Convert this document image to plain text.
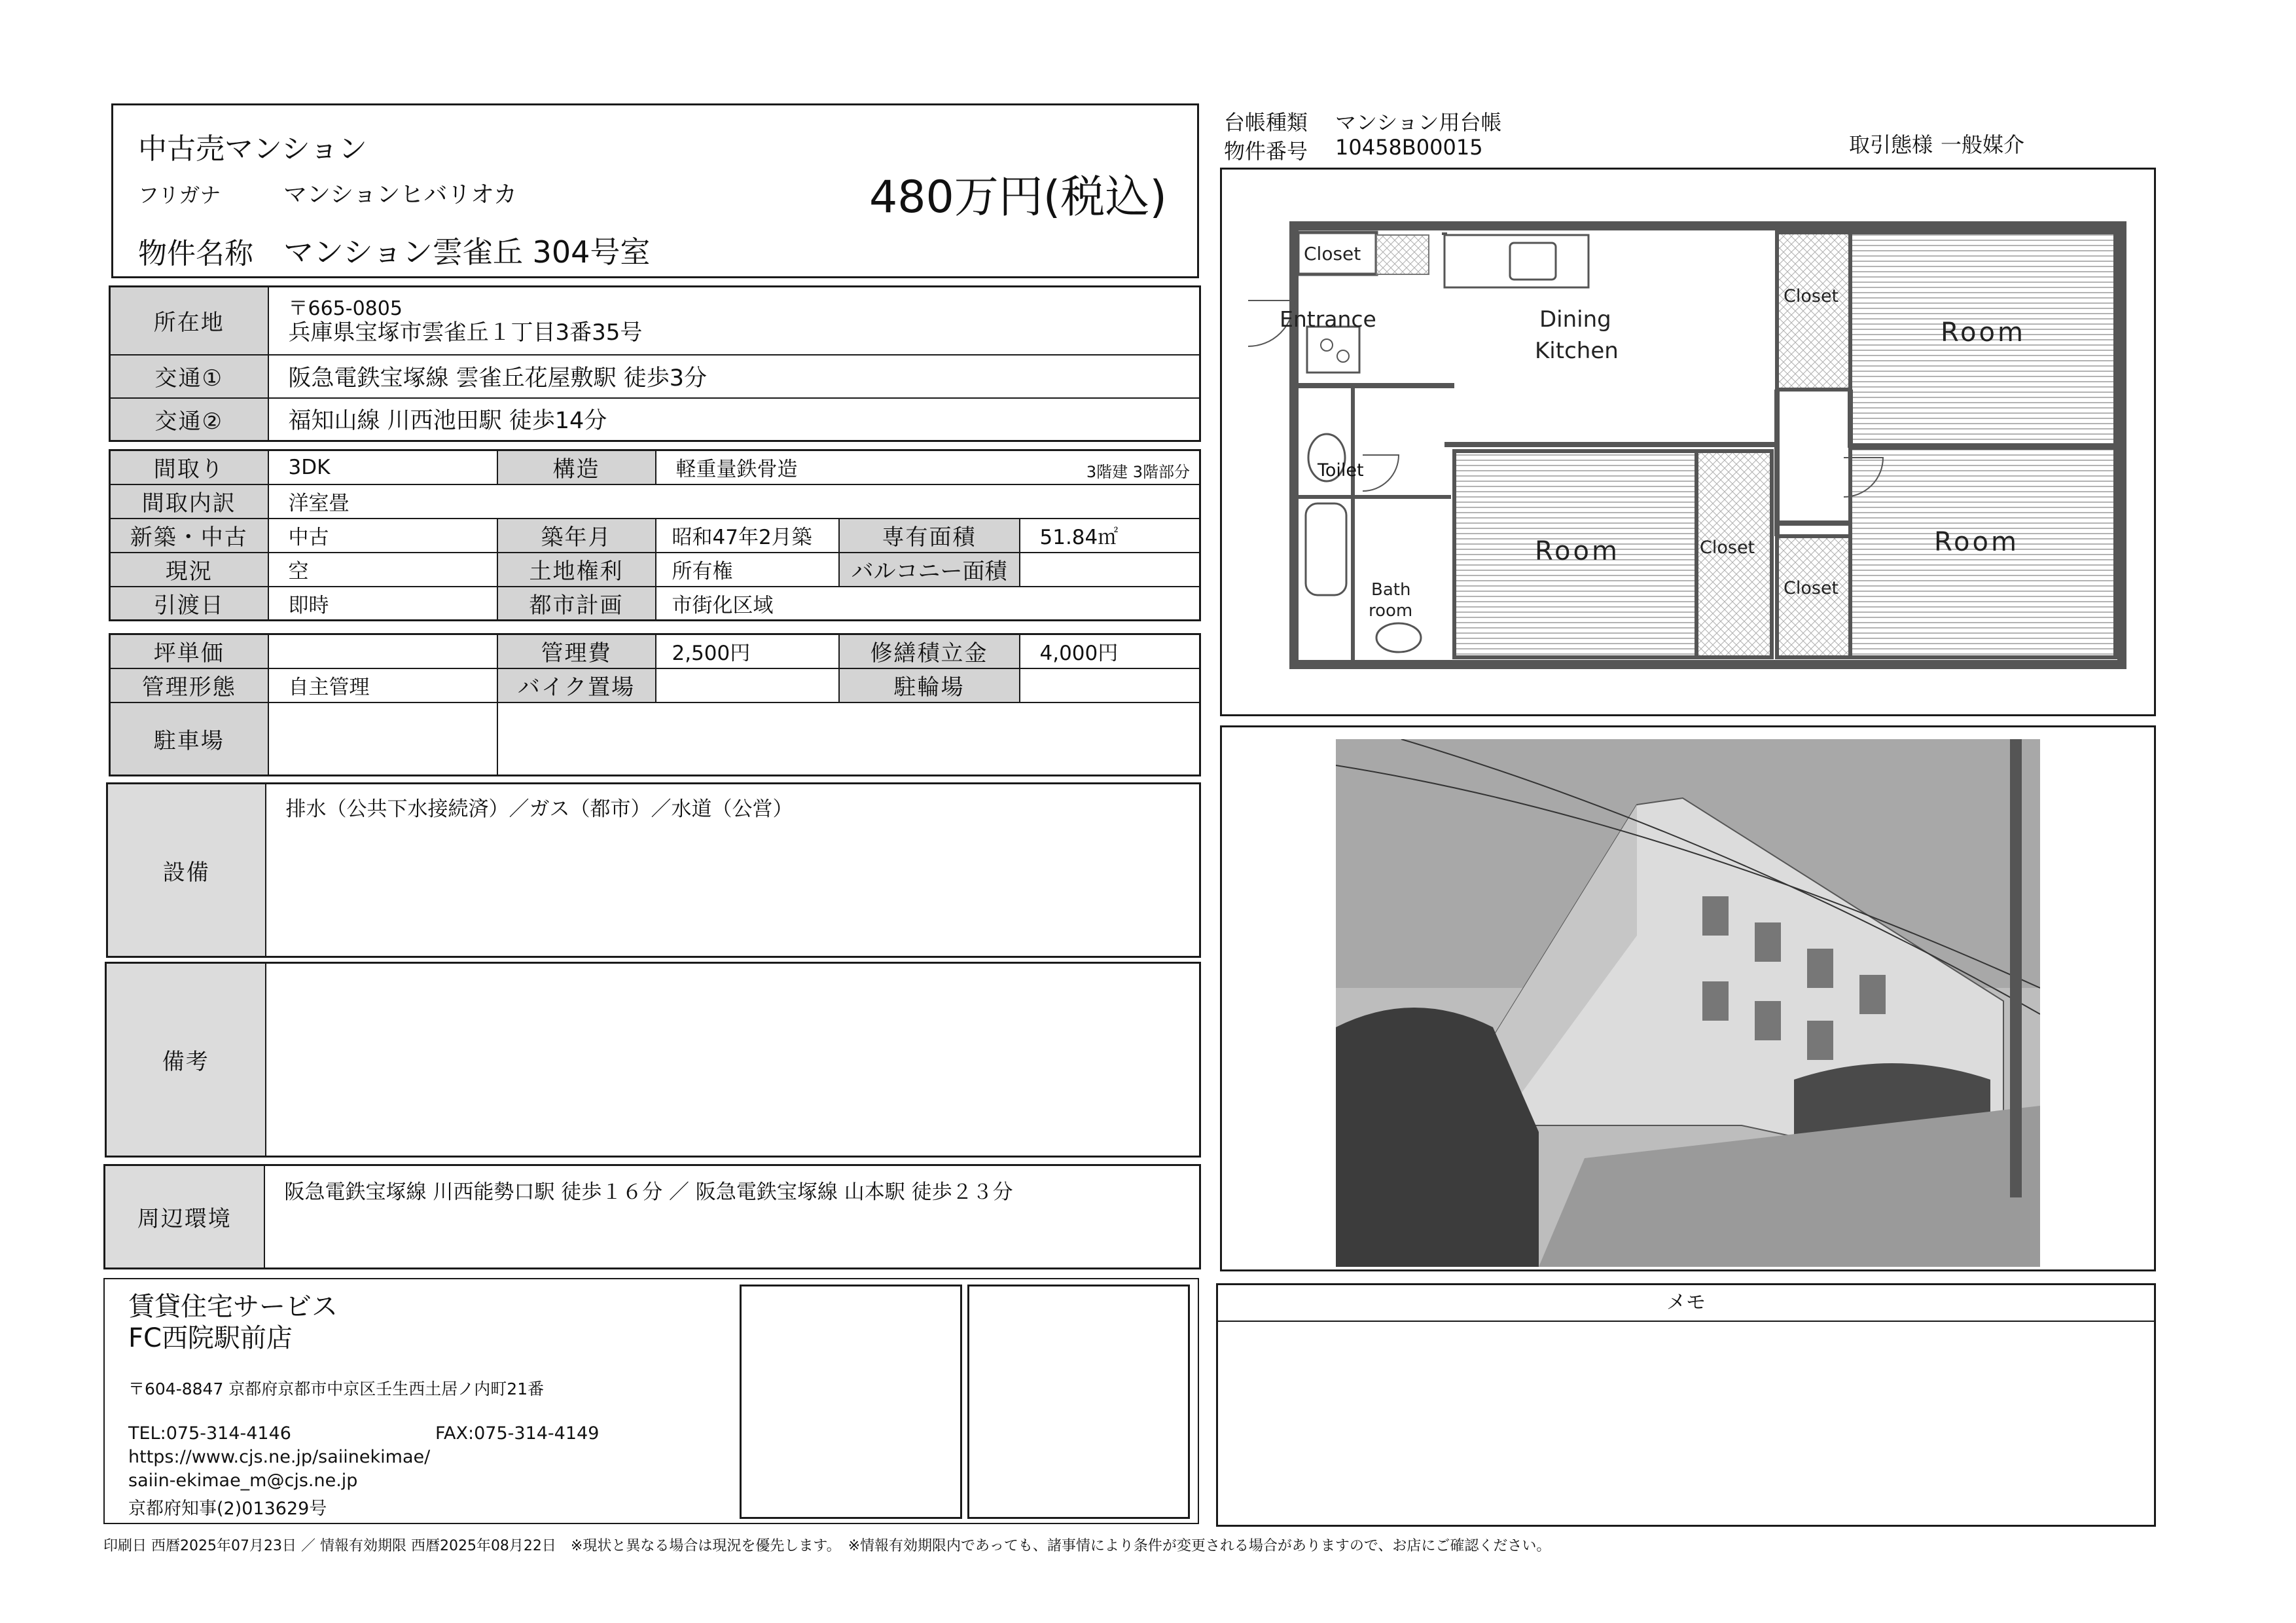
中古売マンション
フリガナ	マンションヒバリオカ
物件名称 マンション雲雀丘 304号室
480万円(税込)
台帳種類 マンション用台帳
物件番号 10458B00015	取引態様 一般媒介
所在地	〒665-0805
兵庫県宝塚市雲雀丘１丁目3番35号

交通①	阪急電鉄宝塚線 雲雀丘花屋敷駅 徒歩3分
交通②	福知山線 川西池田駅 徒歩14分
間取り	3DK	構造	軽重量鉄骨造 3階建 3階部分		

間取内訳	洋室畳				
新築・中古	中古	築年月	昭和47年2月築	専有面積	51.84㎡
現況	空	土地権利	所有権	バルコニー面積	
引渡日	即時	都市計画	市街化区域		
坪単価		管理費	2,500円	修繕積立金	4,000円
管理形態	自主管理	バイク置場		駐輪場	
駐車場					
設備	排水（公共下水接続済）／ガス（都市）／水道（公営）
備考	
周辺環境	阪急電鉄宝塚線 川西能勢口駅 徒歩１６分 ／ 阪急電鉄宝塚線 山本駅 徒歩２３分
賃貸住宅サービス
FC西院駅前店
〒604-8847 京都府京都市中京区壬生西土居ノ内町21番
TEL:075-314-4146	FAX:075-314-4149
https://www.cjs.ne.jp/saiinekimae/
saiin-ekimae_m@cjs.ne.jp
京都府知事(2)013629号
メモ
印刷日 西暦2025年07月23日 ／ 情報有効期限 西暦2025年08月22日　※現状と異なる場合は現況を優先します。　※情報有効期限内であっても、諸事情により条件が変更される場合がありますので、お店にご確認ください。
Closet
Entrance	Dining
Kitchen
Closet
Room
Room	Closet	Room
Closet
Bath
room
Toilet
